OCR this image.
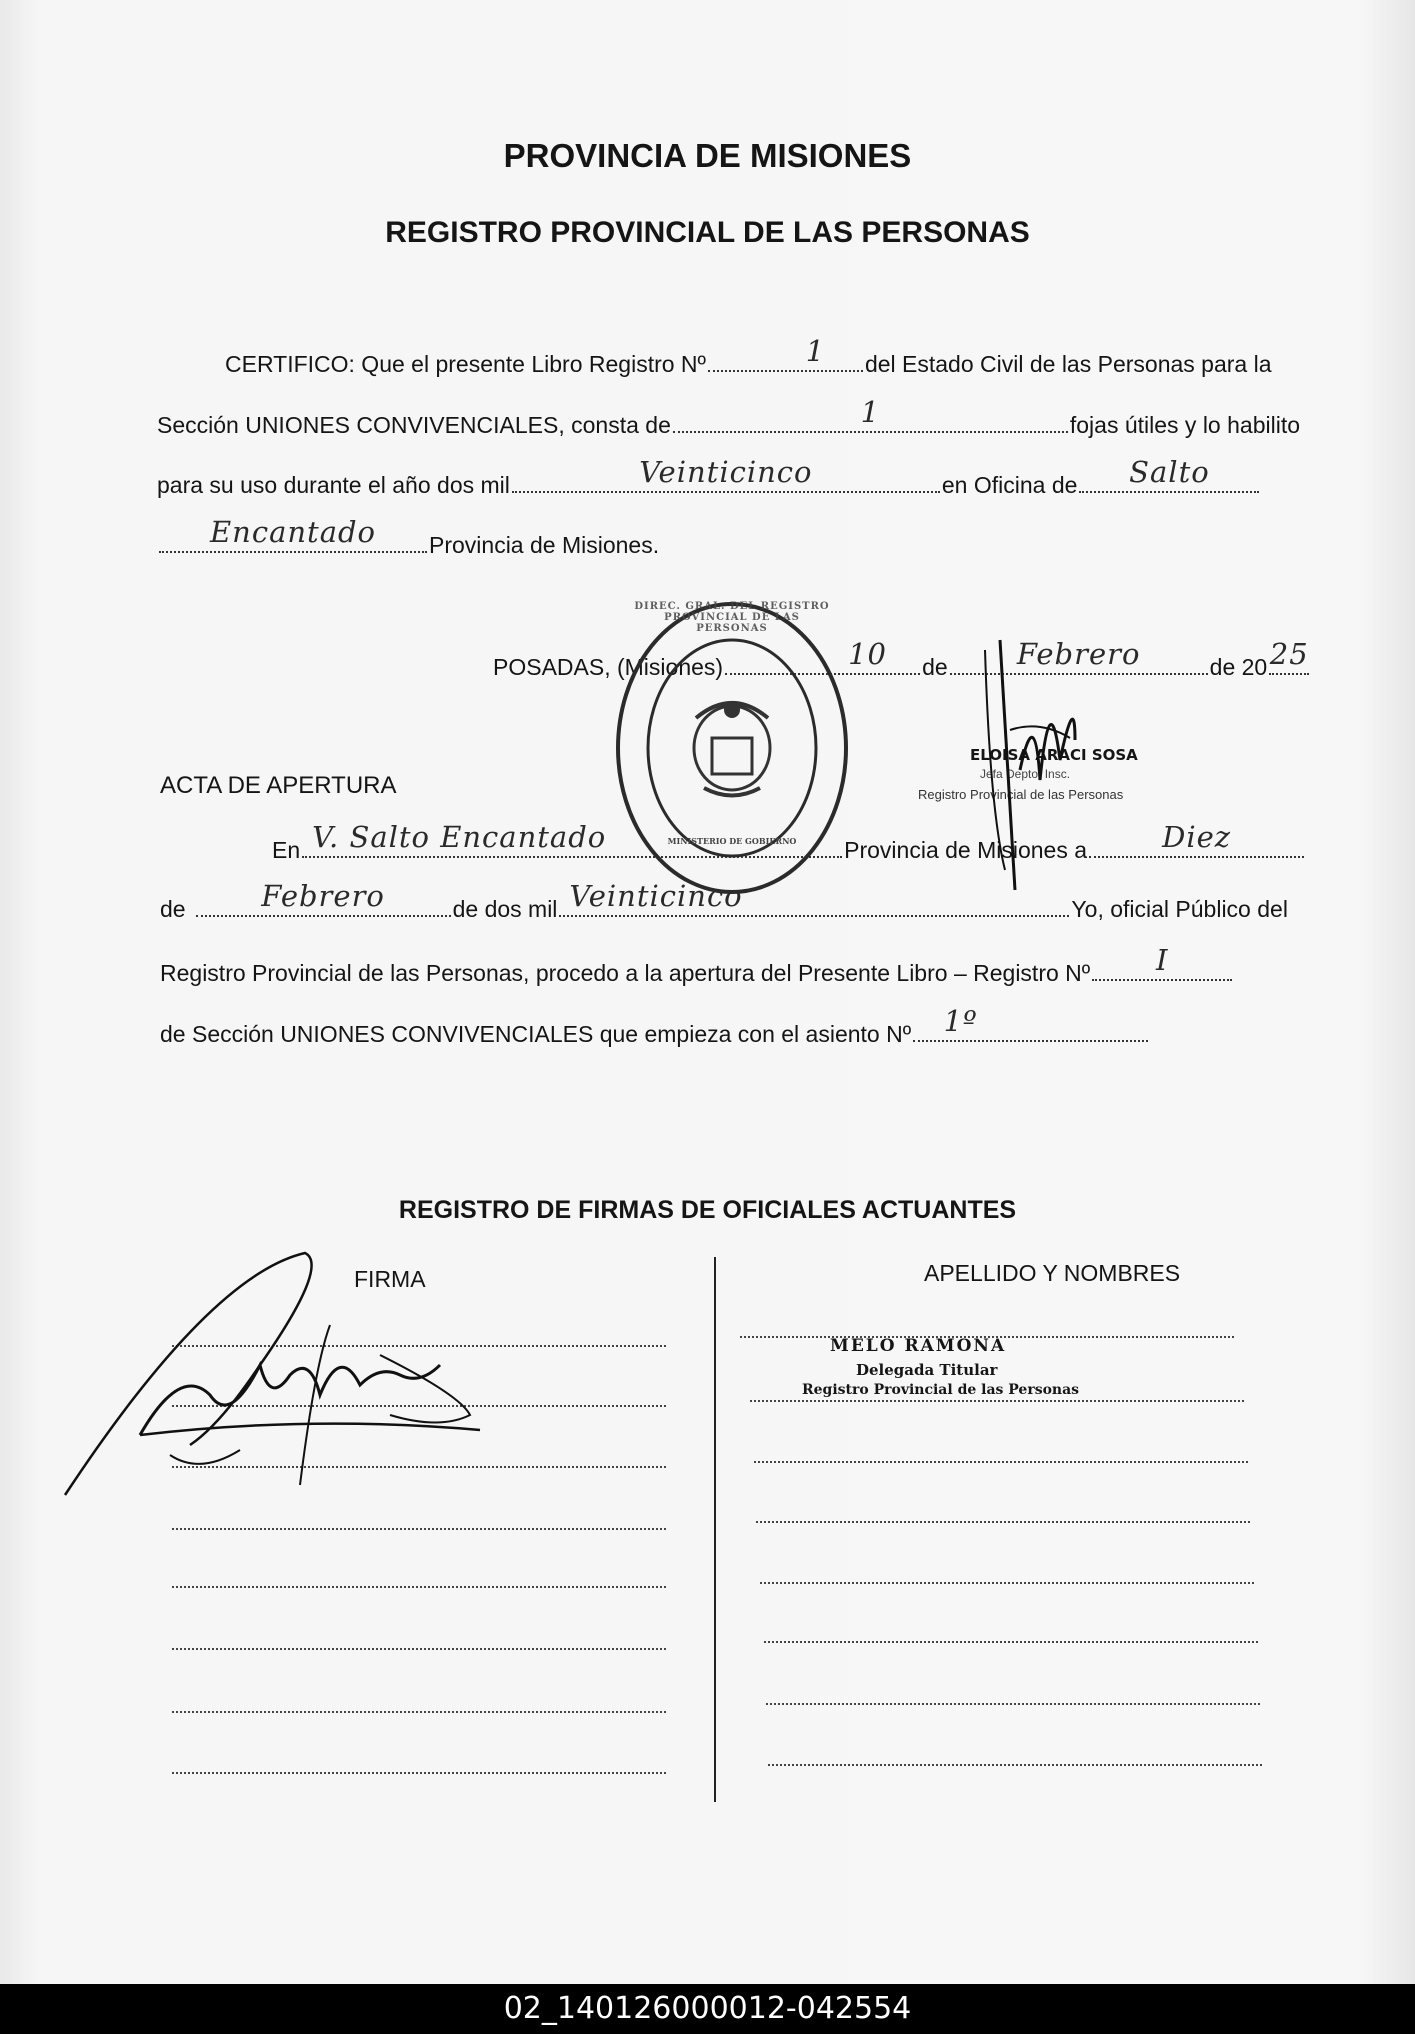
PROVINCIA DE MISIONES
REGISTRO PROVINCIAL DE LAS PERSONAS
CERTIFICO: Que el presente Libro Registro Nº	1	del Estado Civil de las Personas para la
Sección UNIONES CONVIVENCIALES, consta de	1	fojas útiles y lo habilito
para su uso durante el año dos mil	Veinticinco	en Oficina de	Salto
Encantado	Provincia de Misiones.
POSADAS, (Misiones)	10	de	Febrero	de 20 25
ACTA DE APERTURA
En V. Salto Encantado	Provincia de Misiones a	Diez
de	Febrero	de dos mil Veinticinco	Yo, oficial Público del
Registro Provincial de las Personas, procedo a la apertura del Presente Libro – Registro Nº	I
de Sección UNIONES CONVIVENCIALES que empieza con el asiento Nº	1º
DIREC. GRAL. DEL REGISTRO PROVINCIAL DE LAS PERSONAS
MINISTERIO DE GOBIERNO
ELOISA ARACI SOSA
Jefa Depto. Insc.
Registro Provincial de las Personas
REGISTRO DE FIRMAS DE OFICIALES ACTUANTES
FIRMA	APELLIDO Y NOMBRES
MELO RAMONA
Delegada Titular
Registro Provincial de las Personas
02_140126000012-042554
